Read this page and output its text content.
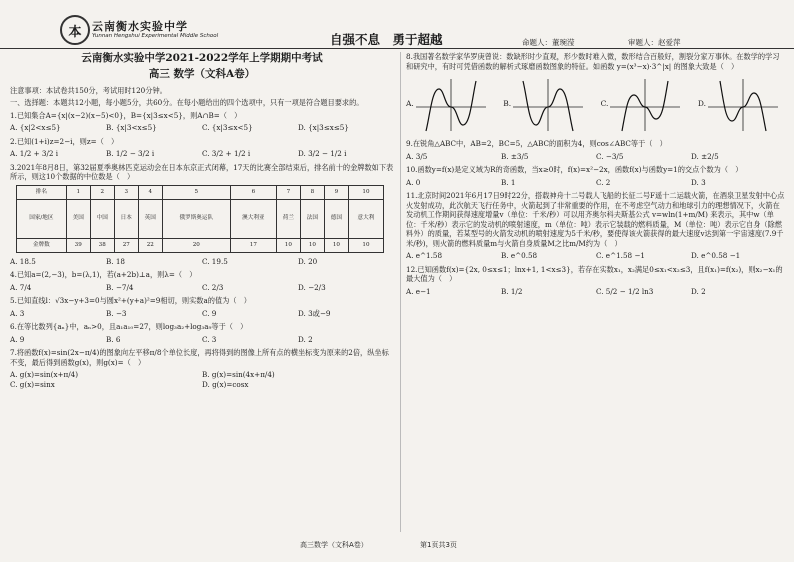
本 云南衡水实验中学
Yunnan Hengshui Experimental Middle School	自强不息　勇于超越	命题人：董琬滢	审题人：赵爱萍

云南衡水实验中学2021-2022学年上学期期中考试

高三 数学（文科A卷）

注意事项：本试卷共150分，考试用时120分钟。

一、选择题：本题共12小题，每小题5分，共60分。在每小题给出的四个选项中，只有一项是符合题目要求的。

1.已知集合A={x|(x−2)(x−5)<0}，B={x|3≤x<5}，则A∩B=（　）

A. {x|2<x≤5}	B. {x|3<x≤5}	C. {x|3≤x<5}	D. {x|3≤x≤5}

2.已知(1+i)z=2−i，则z=（　）

A. 1/2 + 3/2 i	B. 1/2 − 3/2 i	C. 3/2 + 1/2 i	D. 3/2 − 1/2 i

3.2021年8月8日，第32届夏季奥林匹克运动会在日本东京正式闭幕，17天的比赛全部结束后，排名前十的金牌数如下表所示，则这10个数据的中位数是（　）

排名	1	2	3	4	5	6	7	8	9	10
国家/地区	美国	中国	日本	英国	俄罗斯奥运队	澳大利亚	荷兰	法国	德国	意大利
金牌数	39	38	27	22	20	17	10	10	10	10
A. 18.5	B. 18	C. 19.5	D. 20

4.已知a=(2,−3)，b=(λ,1)，若(a+2b)⊥a，则λ=（　）

A. 7/4	B. −7/4	C. 2/3	D. −2/3

5.已知直线l：√3x−y+3=0与圆x²+(y+a)²=9相切，则实数a的值为（　）

A. 3	B. −3	C. 9	D. 3或−9

6.在等比数列{aₙ}中，aₙ>0，且a₁a₁₀=27，则log₃a₂+log₃a₉等于（　）

A. 9	B. 6	C. 3	D. 2

7.将函数f(x)=sin(2x−π/4)的图象向左平移π/8个单位长度，再将得到的图像上所有点的横坐标变为原来的2倍，纵坐标不变，最后得到函数g(x)，则g(x)=（　）

A. g(x)=sin(x+π/4)	B. g(x)=sin(4x+π/4)
C. g(x)=sinx	D. g(x)=cosx

8.我国著名数学家华罗庚曾说：数缺形时少直观，形少数时难入微，数形结合百般好，割裂分家万事休。在数学的学习和研究中，有时可凭借函数的解析式琢磨函数图象的特征。如函数 y=(x³−x)·3^|x| 的图象大致是（　）

A.	B.	C.	D.

9.在锐角△ABC中，AB=2，BC=5，△ABC的面积为4，则cos∠ABC等于（　）

A. 3/5	B. ±3/5	C. −3/5	D. ±2/5

10.函数y=f(x)是定义域为R的奇函数，当x≥0时，f(x)=x²−2x，函数f(x)与函数y=1的交点个数为（　）

A. 0	B. 1	C. 2	D. 3

11.北京时间2021年6月17日9时22分，搭载神舟十二号载人飞船的长征二号F遥十二运载火箭，在酒泉卫星发射中心点火发射成功，此次航天飞行任务中，火箭起到了非常重要的作用，在不考虑空气动力和地球引力的理想情况下，火箭在发动机工作期间获得速度增量v（单位：千米/秒）可以用齐奥尔科夫斯基公式 v=wln(1+m/M) 来表示，其中w（单位：千米/秒）表示它的发动机的喷射速度，m（单位：吨）表示它装载的燃料质量，M（单位：吨）表示它自身（除燃料外）的质量，若某型号的火箭发动机的喷射速度为5千米/秒，要使得该火箭获得的最大速度v达到第一宇宙速度(7.9千米/秒)，则火箭的燃料质量m与火箭自身质量M之比m/M约为（　）

A. e^1.58	B. e^0.58	C. e^1.58 −1	D. e^0.58 −1

12.已知函数f(x)={2x, 0≤x≤1；lnx+1, 1<x≤3}，若存在实数x₁，x₂满足0≤x₁<x₂≤3，且f(x₁)=f(x₂)，则x₂−x₁的最大值为（　）

A. e−1	B. 1/2	C. 5/2 − 1/2 ln3	D. 2
高三数学（文科A卷）	第1页共3页
